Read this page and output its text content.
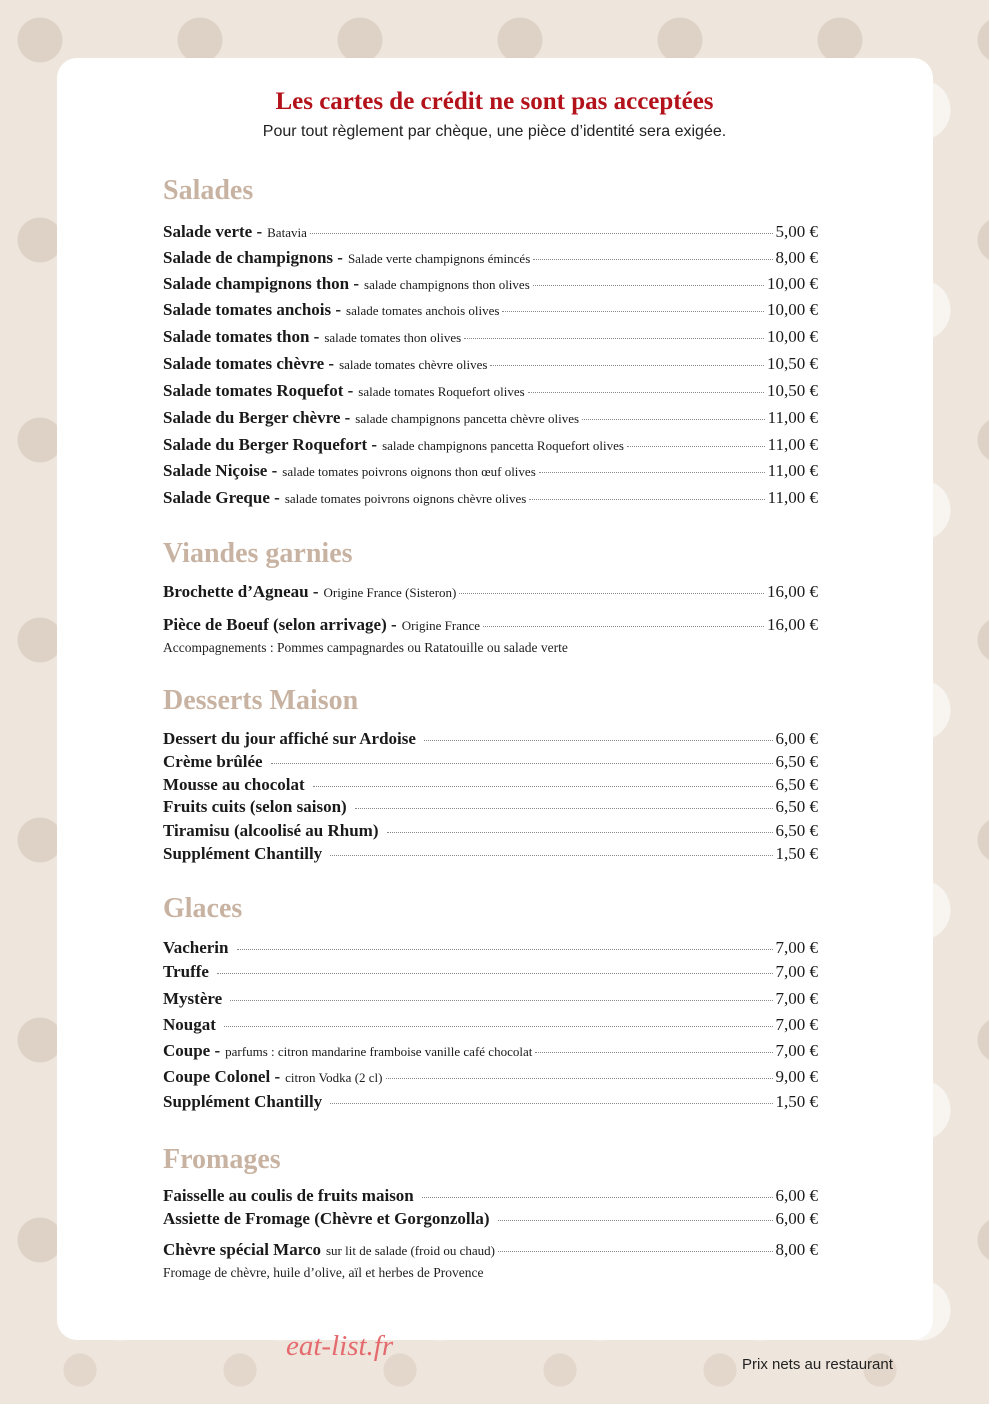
Les cartes de crédit ne sont pas acceptées
Pour tout règlement par chèque, une pièce d’identité sera exigée.
Salades
Salade verte - Batavia	5,00 €
Salade de champignons - Salade verte champignons émincés	8,00 €
Salade champignons thon - salade champignons thon olives	10,00 €
Salade tomates anchois - salade tomates anchois olives	10,00 €
Salade tomates thon - salade tomates thon olives	10,00 €
Salade tomates chèvre - salade tomates chèvre olives	10,50 €
Salade tomates Roquefot - salade tomates Roquefort olives	10,50 €
Salade du Berger chèvre - salade champignons pancetta chèvre olives	11,00 €
Salade du Berger Roquefort - salade champignons pancetta Roquefort olives	11,00 €
Salade Niçoise - salade tomates poivrons oignons thon œuf olives	11,00 €
Salade Greque - salade tomates poivrons oignons chèvre olives	11,00 €
Viandes garnies
Brochette d’Agneau - Origine France (Sisteron)	16,00 €
Pièce de Boeuf (selon arrivage) - Origine France	16,00 €
Accompagnements : Pommes campagnardes ou Ratatouille ou salade verte
Desserts Maison
Dessert du jour affiché sur Ardoise	6,00 €
Crème brûlée	6,50 €
Mousse au chocolat	6,50 €
Fruits cuits (selon saison)	6,50 €
Tiramisu (alcoolisé au Rhum)	6,50 €
Supplément Chantilly	1,50 €
Glaces
Vacherin	7,00 €
Truffe	7,00 €
Mystère	7,00 €
Nougat	7,00 €
Coupe - parfums : citron mandarine framboise vanille café chocolat	7,00 €
Coupe Colonel - citron Vodka (2 cl)	9,00 €
Supplément Chantilly	1,50 €
Fromages
Faisselle au coulis de fruits maison	6,00 €
Assiette de Fromage (Chèvre et Gorgonzolla)	6,00 €
Chèvre spécial Marco sur lit de salade (froid ou chaud)	8,00 €
Fromage de chèvre, huile d’olive, aïl et herbes de Provence
eat-list.fr
Prix nets au restaurant
